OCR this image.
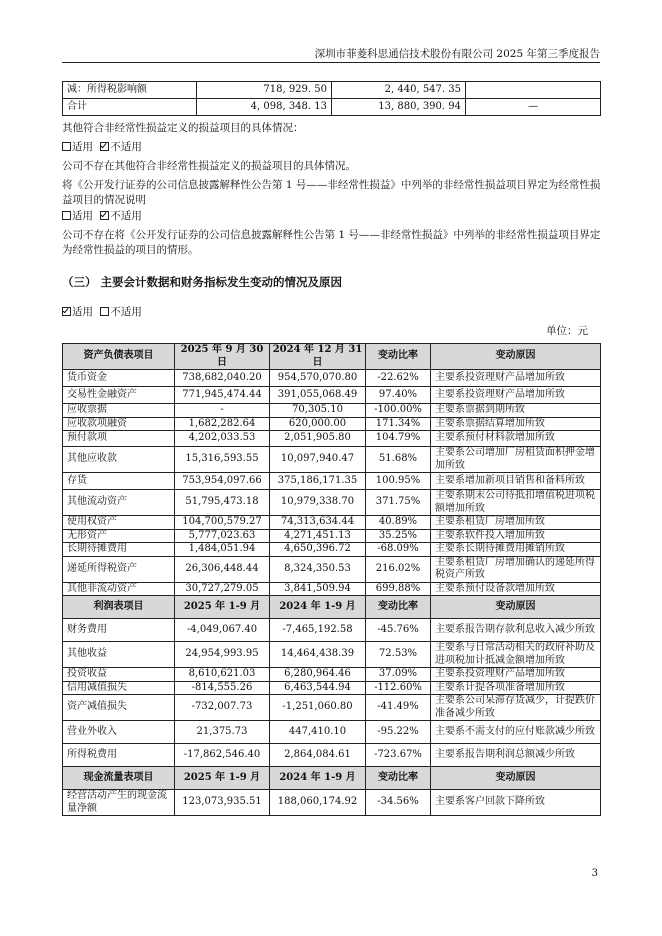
深圳市菲菱科思通信技术股份有限公司 2025 年第三季度报告
减：所得税影响额	718, 929. 50	2, 440, 547. 35	
合计	4, 098, 348. 13	13, 880, 390. 94	—
其他符合非经常性损益定义的损益项目的具体情况：
适用 不适用
公司不存在其他符合非经常性损益定义的损益项目的具体情况。
将《公开发行证券的公司信息披露解释性公告第 1 号——非经常性损益》中列举的非经常性损益项目界定为经常性损益项目的情况说明
适用 不适用
公司不存在将《公开发行证券的公司信息披露解释性公告第 1 号——非经常性损益》中列举的非经常性损益项目界定为经常性损益的项目的情形。
（三） 主要会计数据和财务指标发生变动的情况及原因
适用 不适用
单位：元
资产负债表项目	2025 年 9 月 30 日	2024 年 12 月 31 日	变动比率	变动原因
货币资金	738,682,040.20	954,570,070.80	-22.62%	主要系投资理财产品增加所致
交易性金融资产	771,945,474.44	391,055,068.49	97.40%	主要系投资理财产品增加所致
应收票据	-	70,305.10	-100.00%	主要系票据到期所致
应收款项融资	1,682,282.64	620,000.00	171.34%	主要系票据结算增加所致
预付款项	4,202,033.53	2,051,905.80	104.79%	主要系预付材料款增加所致
其他应收款	15,316,593.55	10,097,940.47	51.68%	主要系公司增加厂房租赁面积押金增加所致
存货	753,954,097.66	375,186,171.35	100.95%	主要系增加新项目销售和备料所致
其他流动资产	51,795,473.18	10,979,338.70	371.75%	主要系期末公司待抵扣增值税进项税额增加所致
使用权资产	104,700,579.27	74,313,634.44	40.89%	主要系租赁厂房增加所致
无形资产	5,777,023.63	4,271,451.13	35.25%	主要系软件投入增加所致
长期待摊费用	1,484,051.94	4,650,396.72	-68.09%	主要系长期待摊费用摊销所致
递延所得税资产	26,306,448.44	8,324,350.53	216.02%	主要系租赁厂房增加确认的递延所得税资产所致
其他非流动资产	30,727,279.05	3,841,509.94	699.88%	主要系预付设备款增加所致
利润表项目	2025 年 1-9 月	2024 年 1-9 月	变动比率	变动原因
财务费用	-4,049,067.40	-7,465,192.58	-45.76%	主要系报告期存款利息收入减少所致
其他收益	24,954,993.95	14,464,438.39	72.53%	主要系与日常活动相关的政府补助及进项税加计抵减金额增加所致
投资收益	8,610,621.03	6,280,964.46	37.09%	主要系投资理财产品增加所致
信用减值损失	-814,555.26	6,463,544.94	-112.60%	主要系计提各项准备增加所致
资产减值损失	-732,007.73	-1,251,060.80	-41.49%	主要系公司呆滞存货减少，计提跌价准备减少所致
营业外收入	21,375.73	447,410.10	-95.22%	主要系不需支付的应付账款减少所致
所得税费用	-17,862,546.40	2,864,084.61	-723.67%	主要系报告期利润总额减少所致
现金流量表项目	2025 年 1-9 月	2024 年 1-9 月	变动比率	变动原因
经营活动产生的现金流量净额	123,073,935.51	188,060,174.92	-34.56%	主要系客户回款下降所致
3
